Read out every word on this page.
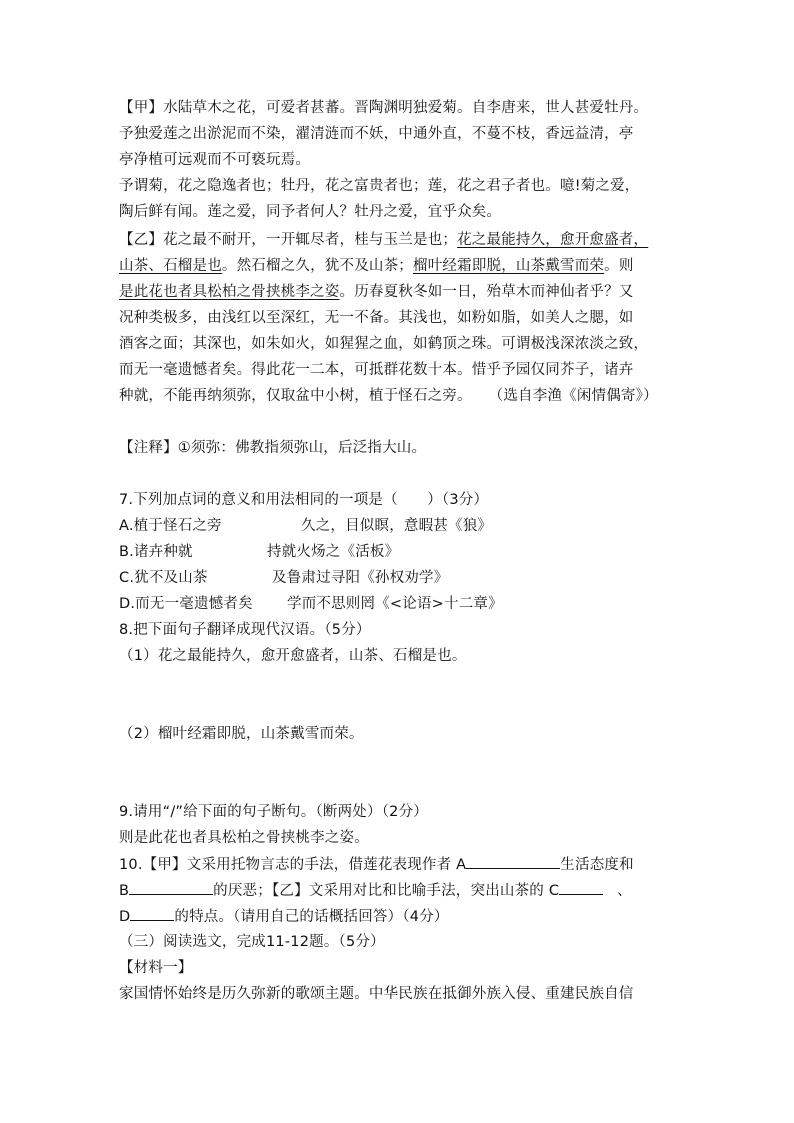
【甲】水陆草木之花，可爱者甚蕃。晋陶渊明独爱菊。自李唐来，世人甚爱牡丹。
予独爱莲之出淤泥而不染，濯清涟而不妖，中通外直，不蔓不枝，香远益清，亭
亭净植可远观而不可亵玩焉。
予谓菊，花之隐逸者也；牡丹，花之富贵者也；莲，花之君子者也。噫!菊之爱，
陶后鲜有闻。莲之爱，同予者何人？牡丹之爱，宜乎众矣。
【乙】花之最不耐开，一开辄尽者，桂与玉兰是也；花之最能持久，愈开愈盛者，
山茶、石榴是也。然石榴之久，犹不及山茶；榴叶经霜即脱，山茶戴雪而荣。则
是此花也者具松柏之骨挟桃李之姿。历春夏秋冬如一日，殆草木而神仙者乎？又
况种类极多，由浅红以至深红，无一不备。其浅也，如粉如脂，如美人之腮，如
酒客之面；其深也，如朱如火，如猩猩之血，如鹤顶之珠。可谓极浅深浓淡之致，
而无一毫遗憾者矣。得此花一二本，可抵群花数十本。惜乎予园仅同芥子，诸卉
种就，不能再纳须弥，仅取盆中小树，植于怪石之旁。 （选自李渔《闲情偶寄》）
【注释】①须弥：佛教指须弥山，后泛指大山。
7.下列加点词的意义和用法相同的一项是（　　）（3分）
A.植于怪石之旁	久之，目似瞑，意暇甚《狼》
B.诸卉种就	持就火炀之《活板》
C.犹不及山茶	及鲁肃过寻阳《孙权劝学》
D.而无一毫遗憾者矣 学而不思则罔《<论语>十二章》
8.把下面句子翻译成现代汉语。（5分）
（1）花之最能持久，愈开愈盛者，山茶、石榴是也。
（2）榴叶经霜即脱，山茶戴雪而荣。
9.请用“/”给下面的句子断句。（断两处）（2分）
则是此花也者具松柏之骨挟桃李之姿。
10.【甲】文采用托物言志的手法，借莲花表现作者 A	生活态度和
B	的厌恶；【乙】文采用对比和比喻手法，突出山茶的 C	、
D	的特点。（请用自己的话概括回答）（4分）
（三）阅读选文，完成11-12题。（5分）
【材料一】
家国情怀始终是历久弥新的歌颂主题。中华民族在抵御外族入侵、重建民族自信
